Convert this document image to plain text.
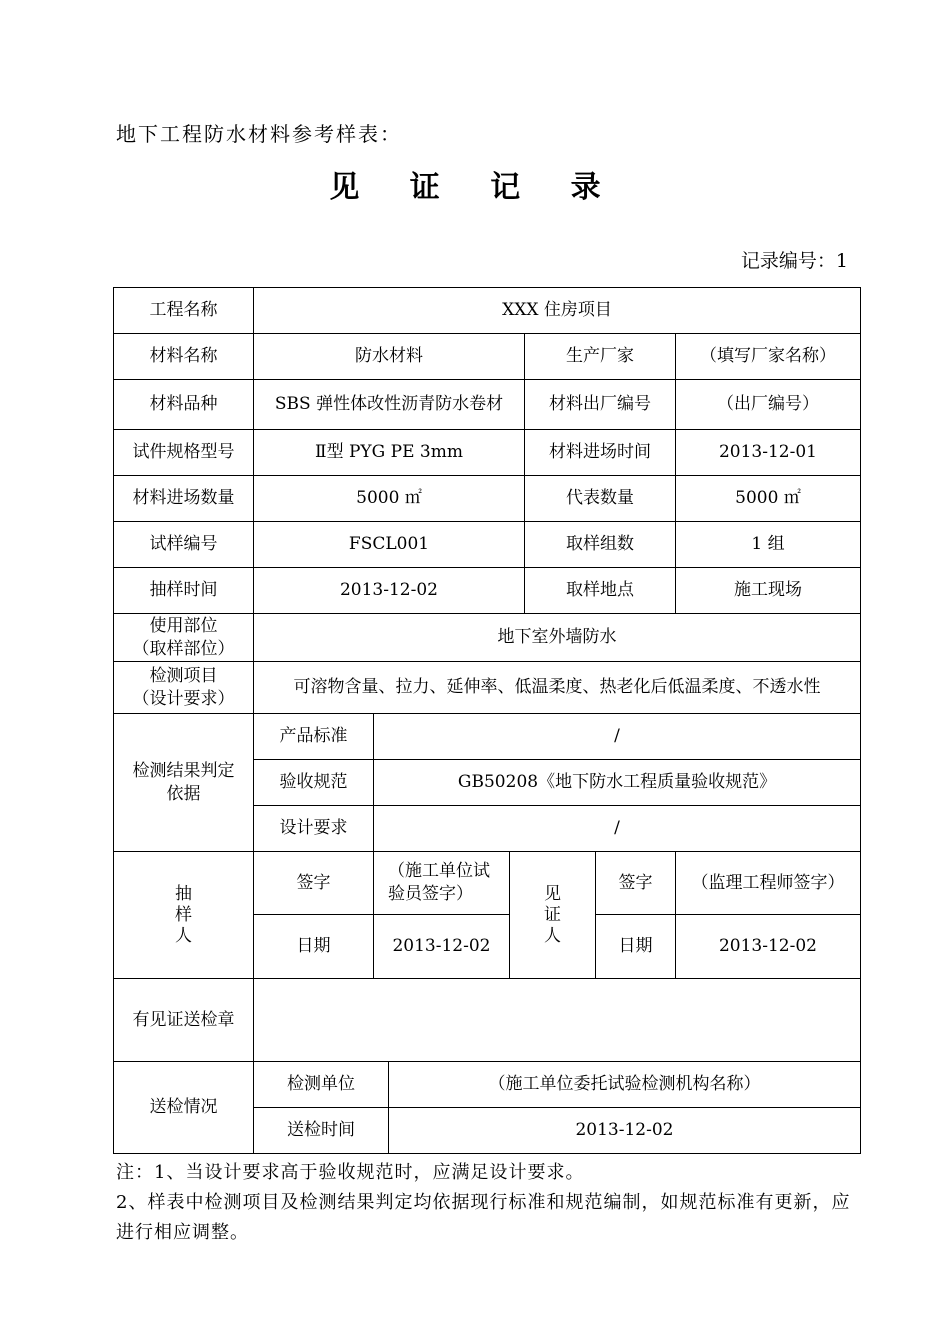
地下工程防水材料参考样表：
见 证 记 录
记录编号：1
工程名称	XXX 住房项目						
材料名称	防水材料				生产厂家		（填写厂家名称）
材料品种	SBS 弹性体改性沥青防水卷材				材料出厂编号		（出厂编号）
试件规格型号	Ⅱ型 PYG PE 3mm				材料进场时间		2013-12-01
材料进场数量	5000 ㎡				代表数量		5000 ㎡
试样编号	FSCL001				取样组数		1 组
抽样时间	2013-12-02				取样地点		施工现场

使用部位
（取样部位）	地下室外墙防水						

检测项目
（设计要求）	可溶物含量、拉力、延伸率、低温柔度、热老化后低温柔度、不透水性						
检测结果判定依据	产品标准	/					
	验收规范	GB50208《地下防水工程质量验收规范》					
	设计要求	/					

抽样人	签字	（施工单位试验员签字）		见证人		签字	（监理工程师签字）
	日期	2013-12-02				日期	2013-12-02
有见证送检章							
送检情况	检测单位		（施工单位委托试验检测机构名称）				
	送检时间		2013-12-02				

注：1、当设计要求高于验收规范时，应满足设计要求。

2、样表中检测项目及检测结果判定均依据现行标准和规范编制，如规范标准有更新，应进行相应调整。
